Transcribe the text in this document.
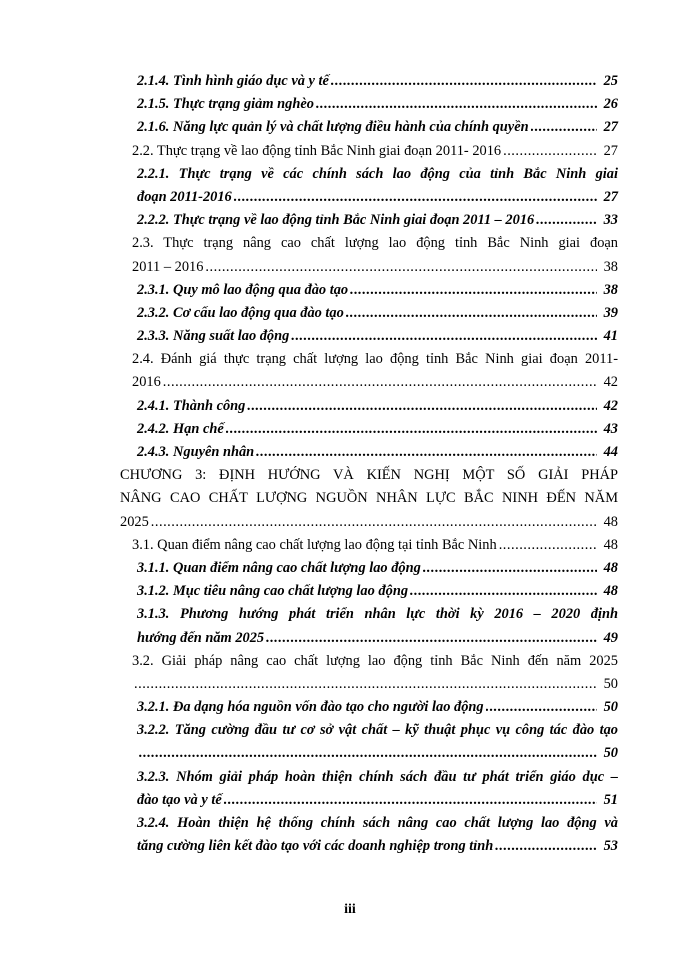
2.1.4. Tình hình giáo dục và y tế .....	25
2.1.5. Thực trạng giảm nghèo .....	26
2.1.6. Năng lực quản lý và chất lượng điều hành của chính quyền .....	27
2.2. Thực trạng về lao động tỉnh Bắc Ninh giai đoạn 2011- 2016 .....	27
2.2.1. Thực trạng về các chính sách lao động của tỉnh Bắc Ninh giai
đoạn 2011-2016 .....	27
2.2.2. Thực trạng về lao động tỉnh Bắc Ninh giai đoạn 2011 – 2016 .....	33
2.3. Thực trạng nâng cao chất lượng lao động tỉnh Bắc Ninh giai đoạn
2011 – 2016 .....	38
2.3.1. Quy mô lao động qua đào tạo .....	38
2.3.2. Cơ cấu lao động qua đào tạo .....	39
2.3.3. Năng suất lao động .....	41
2.4. Đánh giá thực trạng chất lượng lao động tỉnh Bắc Ninh giai đoạn 2011-
2016 .....	42
2.4.1. Thành công .....	42
2.4.2. Hạn chế .....	43
2.4.3. Nguyên nhân .....	44
CHƯƠNG 3: ĐỊNH HƯỚNG VÀ KIẾN NGHỊ MỘT SỐ GIẢI PHÁP
NÂNG CAO CHẤT LƯỢNG NGUỒN NHÂN LỰC BẮC NINH ĐẾN NĂM
2025 .....	48
3.1. Quan điểm nâng cao chất lượng lao động tại tỉnh Bắc Ninh .....	48
3.1.1. Quan điểm nâng cao chất lượng lao động .....	48
3.1.2. Mục tiêu nâng cao chất lượng lao động .....	48
3.1.3. Phương hướng phát triển nhân lực thời kỳ 2016 – 2020 định
hướng đến năm 2025 .....	49
3.2. Giải pháp nâng cao chất lượng lao động tỉnh Bắc Ninh đến năm 2025
.....
50
3.2.1. Đa dạng hóa nguồn vốn đào tạo cho người lao động .....	50
3.2.2. Tăng cường đầu tư cơ sở vật chất – kỹ thuật phục vụ công tác đào tạo
.....
50
3.2.3. Nhóm giải pháp hoàn thiện chính sách đầu tư phát triển giáo dục –
đào tạo và y tế .....	51
3.2.4. Hoàn thiện hệ thống chính sách nâng cao chất lượng lao động và
tăng cường liên kết đào tạo với các doanh nghiệp trong tỉnh .....	53
iii
